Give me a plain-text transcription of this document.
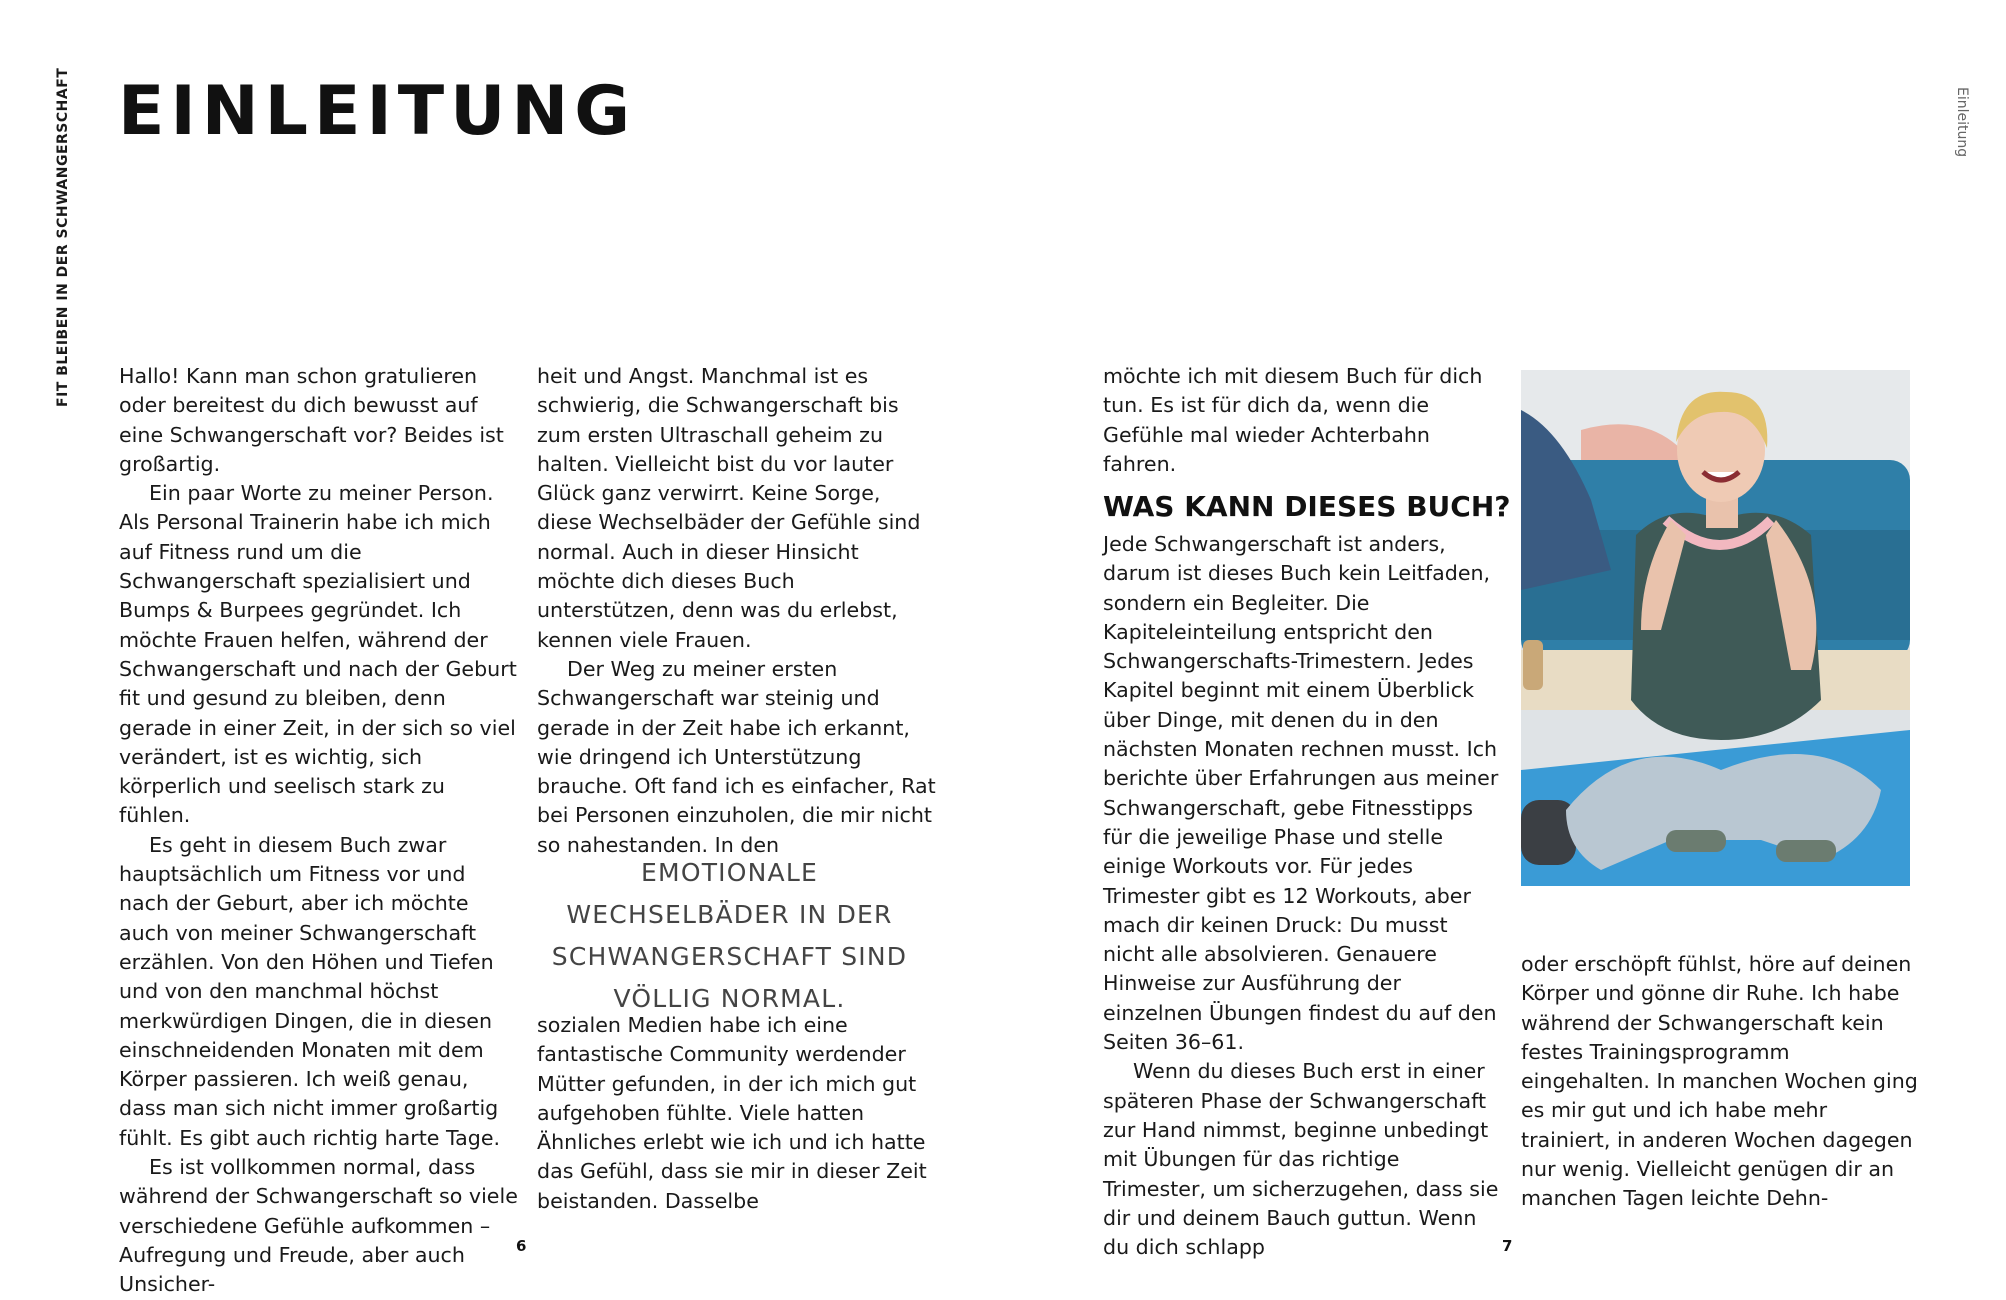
FIT BLEIBEN IN DER SCHWANGERSCHAFT	Einleitung
EINLEITUNG

Hallo! Kann man schon gratulieren oder bereitest du dich bewusst auf eine Schwangerschaft vor? Beides ist großartig.

Ein paar Worte zu meiner Person. Als Personal Trainerin habe ich mich auf Fitness rund um die Schwangerschaft spezialisiert und Bumps & Burpees gegründet. Ich möchte Frauen helfen, während der Schwangerschaft und nach der Geburt fit und gesund zu bleiben, denn gerade in einer Zeit, in der sich so viel verändert, ist es wichtig, sich körperlich und seelisch stark zu fühlen.

Es geht in diesem Buch zwar hauptsächlich um Fitness vor und nach der Geburt, aber ich möchte auch von meiner Schwangerschaft erzählen. Von den Höhen und Tiefen und von den manchmal höchst merkwürdigen Dingen, die in diesen einschneidenden Monaten mit dem Körper passieren. Ich weiß genau, dass man sich nicht immer großartig fühlt. Es gibt auch richtig harte Tage.

Es ist vollkommen normal, dass während der Schwangerschaft so viele verschiedene Gefühle aufkommen – Aufregung und Freude, aber auch Unsicher-

heit und Angst. Manchmal ist es schwierig, die Schwangerschaft bis zum ersten Ultraschall geheim zu halten. Vielleicht bist du vor lauter Glück ganz verwirrt. Keine Sorge, diese Wechselbäder der Gefühle sind normal. Auch in dieser Hinsicht möchte dich dieses Buch unterstützen, denn was du erlebst, kennen viele Frauen.

Der Weg zu meiner ersten Schwangerschaft war steinig und gerade in der Zeit habe ich erkannt, wie dringend ich Unterstützung brauche. Oft fand ich es einfacher, Rat bei Personen einzuholen, die mir nicht so nahestanden. In den

EMOTIONALE WECHSELBÄDER IN DER SCHWANGERSCHAFT SIND VÖLLIG NORMAL.

sozialen Medien habe ich eine fantastische Community werdender Mütter gefunden, in der ich mich gut aufgehoben fühlte. Viele hatten Ähnliches erlebt wie ich und ich hatte das Gefühl, dass sie mir in dieser Zeit beistanden. Dasselbe

möchte ich mit diesem Buch für dich tun. Es ist für dich da, wenn die Gefühle mal wieder Achterbahn fahren.

WAS KANN DIESES BUCH?

Jede Schwangerschaft ist anders, darum ist dieses Buch kein Leitfaden, sondern ein Begleiter. Die Kapiteleinteilung entspricht den Schwangerschafts-Trimestern. Jedes Kapitel beginnt mit einem Überblick über Dinge, mit denen du in den nächsten Monaten rechnen musst. Ich berichte über Erfahrungen aus meiner Schwangerschaft, gebe Fitnesstipps für die jeweilige Phase und stelle einige Workouts vor. Für jedes Trimester gibt es 12 Workouts, aber mach dir keinen Druck: Du musst nicht alle absolvieren. Genauere Hinweise zur Ausführung der einzelnen Übungen findest du auf den Seiten 36–61.

Wenn du dieses Buch erst in einer späteren Phase der Schwangerschaft zur Hand nimmst, beginne unbedingt mit Übungen für das richtige Trimester, um sicherzugehen, dass sie dir und deinem Bauch guttun. Wenn du dich schlapp

oder erschöpft fühlst, höre auf deinen Körper und gönne dir Ruhe. Ich habe während der Schwangerschaft kein festes Trainingsprogramm eingehalten. In manchen Wochen ging es mir gut und ich habe mehr trainiert, in anderen Wochen dagegen nur wenig. Vielleicht genügen dir an manchen Tagen leichte Dehn-

6	7
